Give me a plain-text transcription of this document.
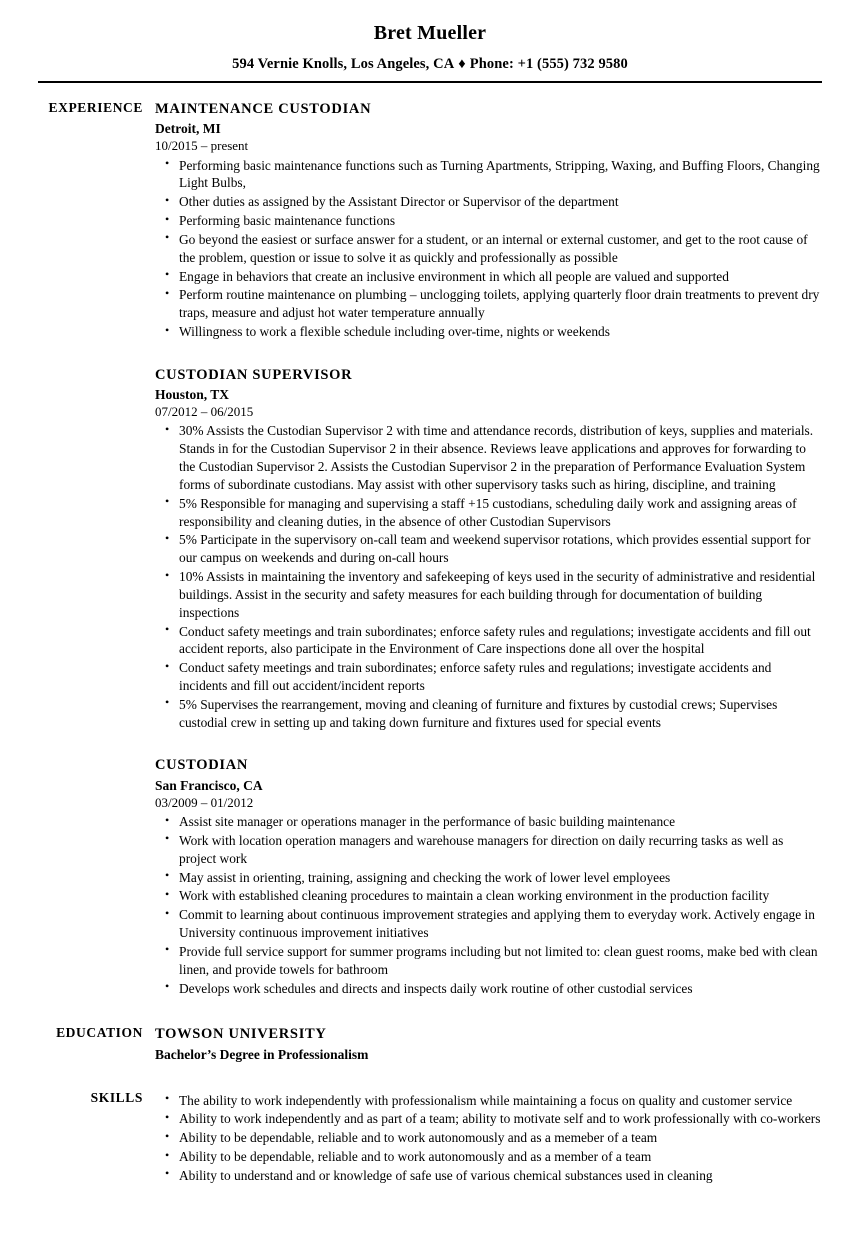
Bret Mueller
594 Vernie Knolls, Los Angeles, CA ♦ Phone: +1 (555) 732 9580
EXPERIENCE MAINTENANCE CUSTODIAN
Detroit, MI
10/2015 – present
• Performing basic maintenance functions such as Turning Apartments, Stripping, Waxing, and Buffing Floors, Changing Light Bulbs,
• Other duties as assigned by the Assistant Director or Supervisor of the department
• Performing basic maintenance functions
• Go beyond the easiest or surface answer for a student, or an internal or external customer, and get to the root cause of the problem, question or issue to solve it as quickly and professionally as possible
• Engage in behaviors that create an inclusive environment in which all people are valued and supported
• Perform routine maintenance on plumbing – unclogging toilets, applying quarterly floor drain treatments to prevent dry traps, measure and adjust hot water temperature annually
• Willingness to work a flexible schedule including over-time, nights or weekends
CUSTODIAN SUPERVISOR
Houston, TX
07/2012 – 06/2015
• 30% Assists the Custodian Supervisor 2 with time and attendance records, distribution of keys, supplies and materials. Stands in for the Custodian Supervisor 2 in their absence. Reviews leave applications and approves for forwarding to the Custodian Supervisor 2. Assists the Custodian Supervisor 2 in the preparation of Performance Evaluation System forms of subordinate custodians. May assist with other supervisory tasks such as hiring, discipline, and training
• 5% Responsible for managing and supervising a staff +15 custodians, scheduling daily work and assigning areas of responsibility and cleaning duties, in the absence of other Custodian Supervisors
• 5% Participate in the supervisory on-call team and weekend supervisor rotations, which provides essential support for our campus on weekends and during on-call hours
• 10% Assists in maintaining the inventory and safekeeping of keys used in the security of administrative and residential buildings. Assist in the security and safety measures for each building through for documentation of building inspections
• Conduct safety meetings and train subordinates; enforce safety rules and regulations; investigate accidents and fill out accident reports, also participate in the Environment of Care inspections done all over the hospital
• Conduct safety meetings and train subordinates; enforce safety rules and regulations; investigate accidents and incidents and fill out accident/incident reports
• 5% Supervises the rearrangement, moving and cleaning of furniture and fixtures by custodial crews; Supervises custodial crew in setting up and taking down furniture and fixtures used for special events
CUSTODIAN
San Francisco, CA
03/2009 – 01/2012
• Assist site manager or operations manager in the performance of basic building maintenance
• Work with location operation managers and warehouse managers for direction on daily recurring tasks as well as project work
• May assist in orienting, training, assigning and checking the work of lower level employees
• Work with established cleaning procedures to maintain a clean working environment in the production facility
• Commit to learning about continuous improvement strategies and applying them to everyday work. Actively engage in University continuous improvement initiatives
• Provide full service support for summer programs including but not limited to: clean guest rooms, make bed with clean linen, and provide towels for bathroom
• Develops work schedules and directs and inspects daily work routine of other custodial services
EDUCATION TOWSON UNIVERSITY
Bachelor’s Degree in Professionalism
SKILLS	• The ability to work independently with professionalism while maintaining a focus on quality and customer service
• Ability to work independently and as part of a team; ability to motivate self and to work professionally with co-workers
• Ability to be dependable, reliable and to work autonomously and as a memeber of a team
• Ability to be dependable, reliable and to work autonomously and as a member of a team
• Ability to understand and or knowledge of safe use of various chemical substances used in cleaning
